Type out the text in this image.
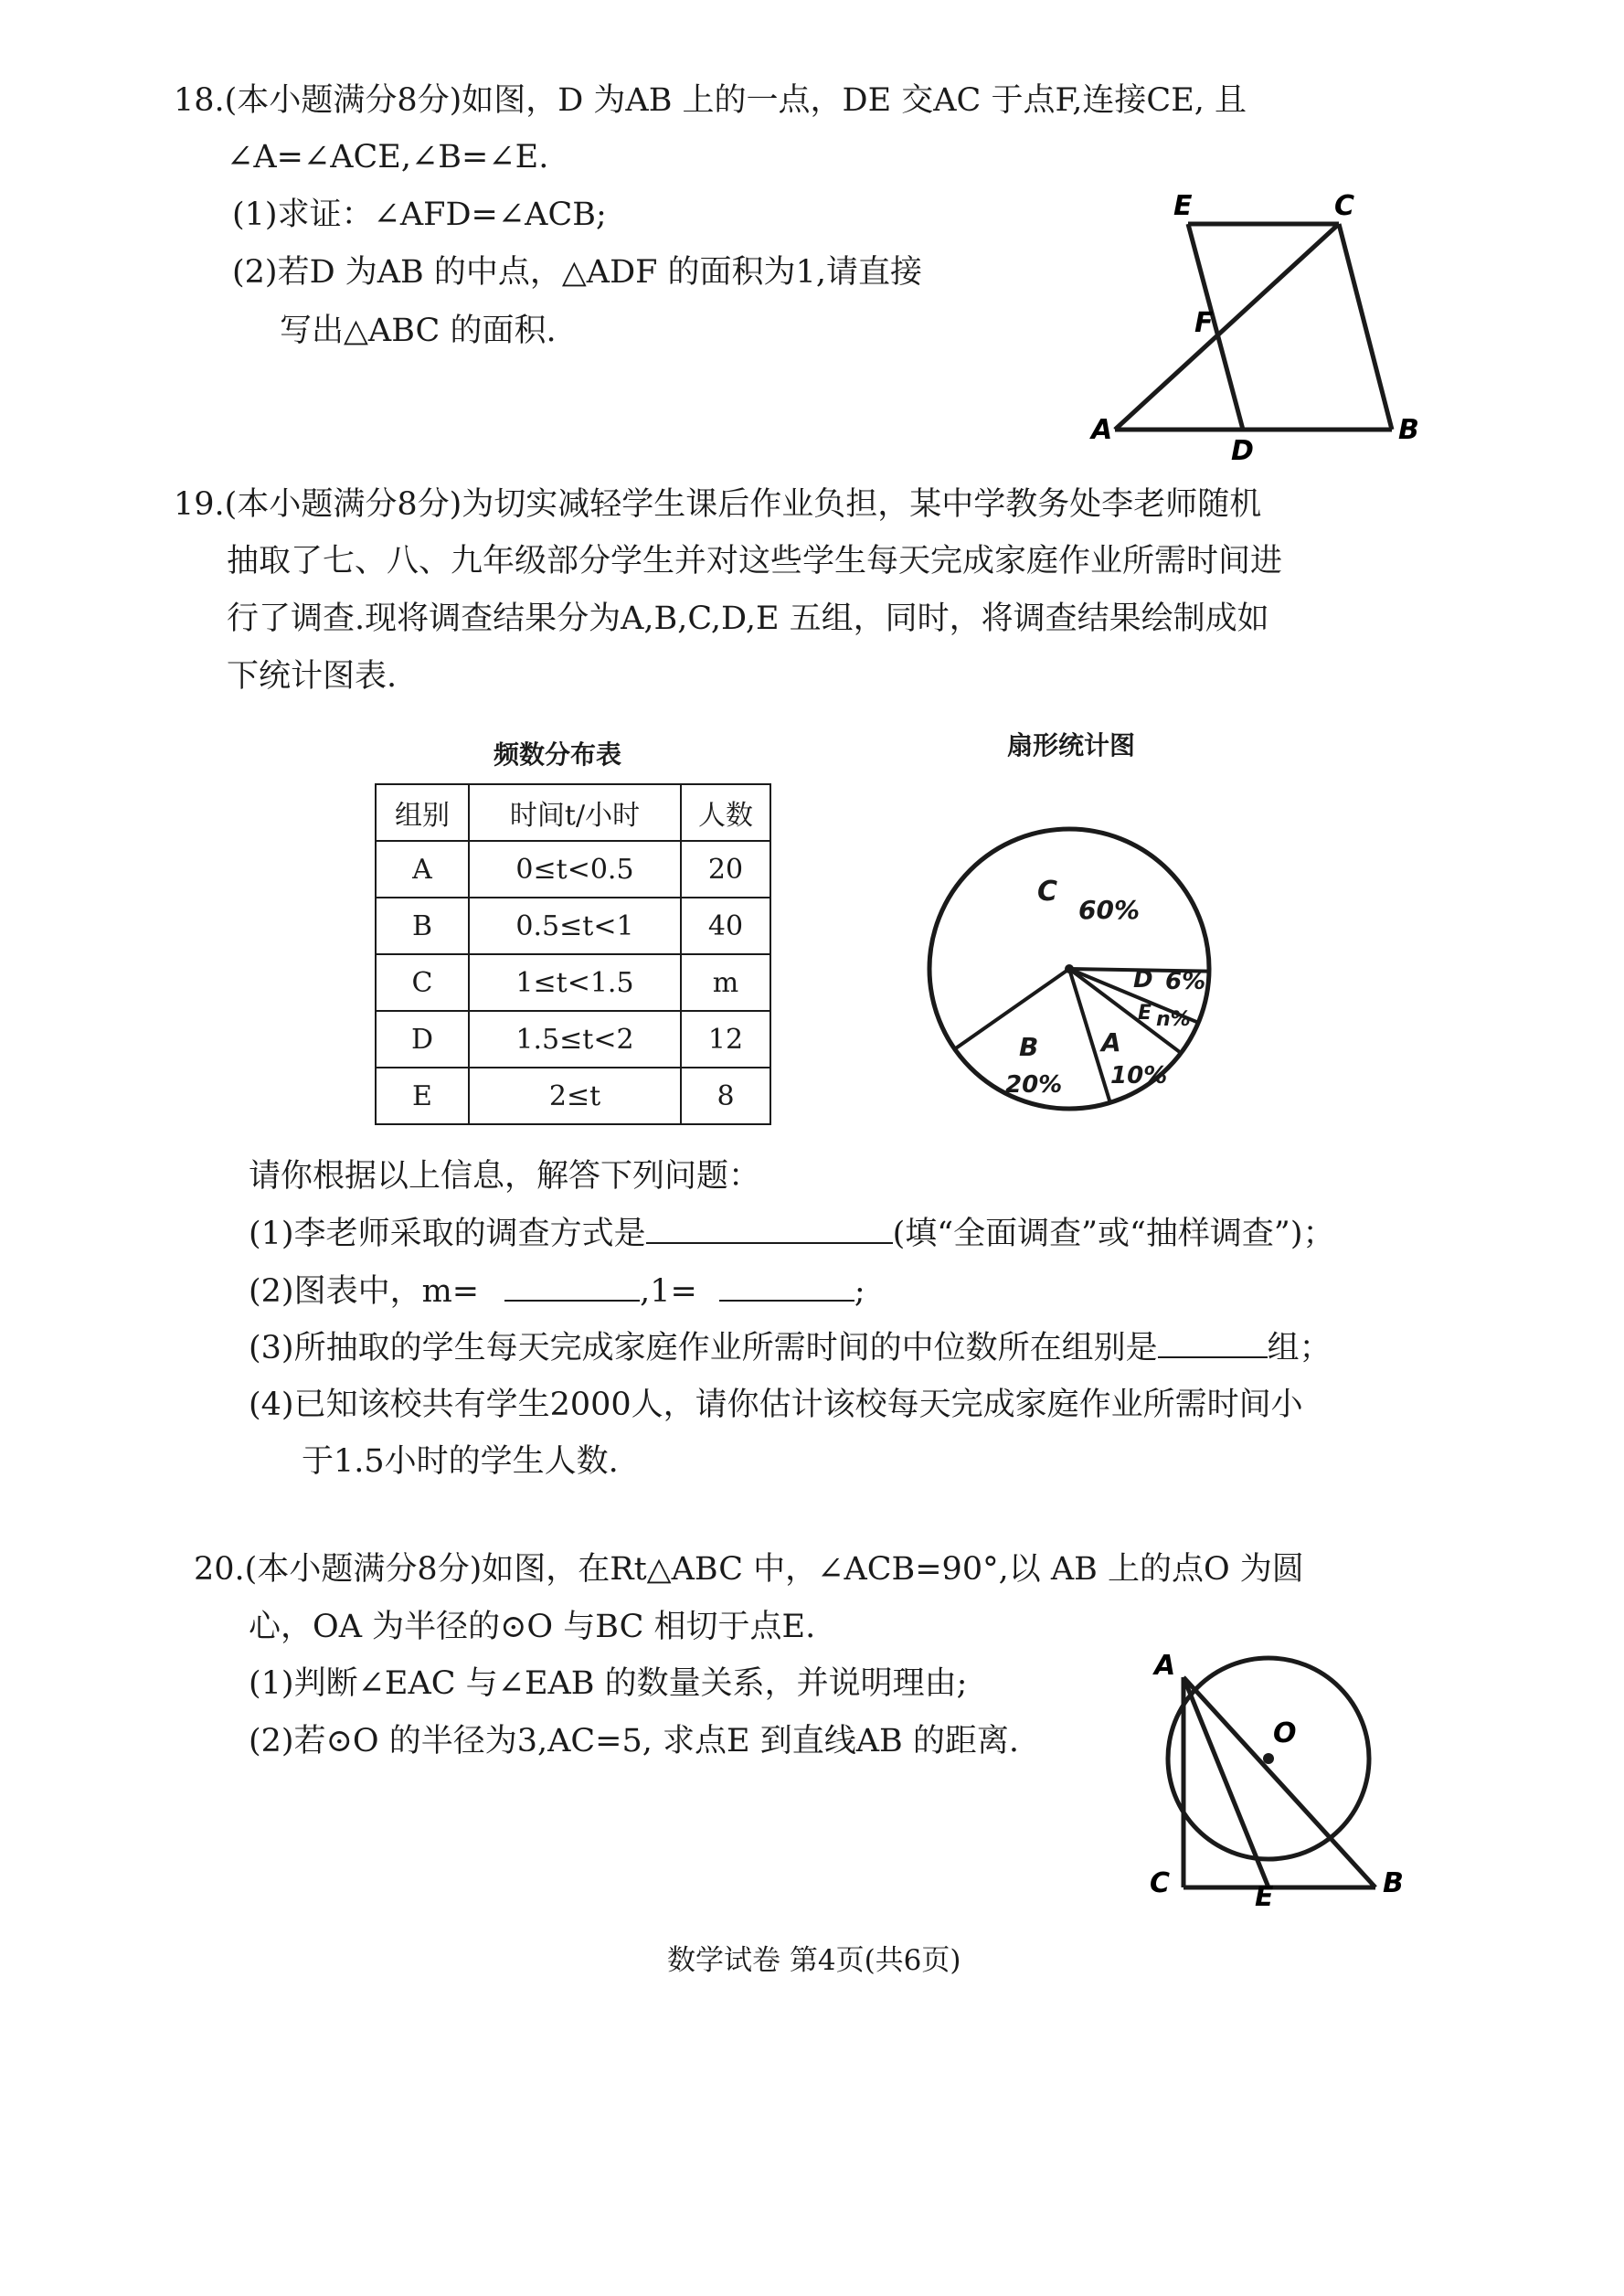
18.(本小题满分8分)如图，D 为AB 上的一点，DE 交AC 于点F,连接CE, 且
∠A=∠ACE,∠B=∠E.
(1)求证：∠AFD=∠ACB;
(2)若D 为AB 的中点，△ADF 的面积为1,请直接
写出△ABC 的面积.
E	C
F
A
D
B
19.(本小题满分8分)为切实减轻学生课后作业负担，某中学教务处李老师随机
抽取了七、八、九年级部分学生并对这些学生每天完成家庭作业所需时间进
行了调查.现将调查结果分为A,B,C,D,E 五组，同时，将调查结果绘制成如
下统计图表.
频数分布表
组别	时间t/小时	人数
A	0≤t<0.5	20
B	0.5≤t<1	40
C	1≤t<1.5	m
D	1.5≤t<2	12
E	2≤t	8
扇形统计图
C
60%
D 6%
E n%
A
10%
B
20%
请你根据以上信息，解答下列问题：
(1)李老师采取的调查方式是	(填“全面调查”或“抽样调查”)；
(2)图表中，m=	,1=	;
(3)所抽取的学生每天完成家庭作业所需时间的中位数所在组别是	组；
(4)已知该校共有学生2000人，请你估计该校每天完成家庭作业所需时间小
于1.5小时的学生人数.
20.(本小题满分8分)如图，在Rt△ABC 中，∠ACB=90°,以 AB 上的点O 为圆
心，OA 为半径的⊙O 与BC 相切于点E.
(1)判断∠EAC 与∠EAB 的数量关系，并说明理由;
(2)若⊙O 的半径为3,AC=5, 求点E 到直线AB 的距离.
A
O
C	E	B
数学试卷 第4页(共6页)
